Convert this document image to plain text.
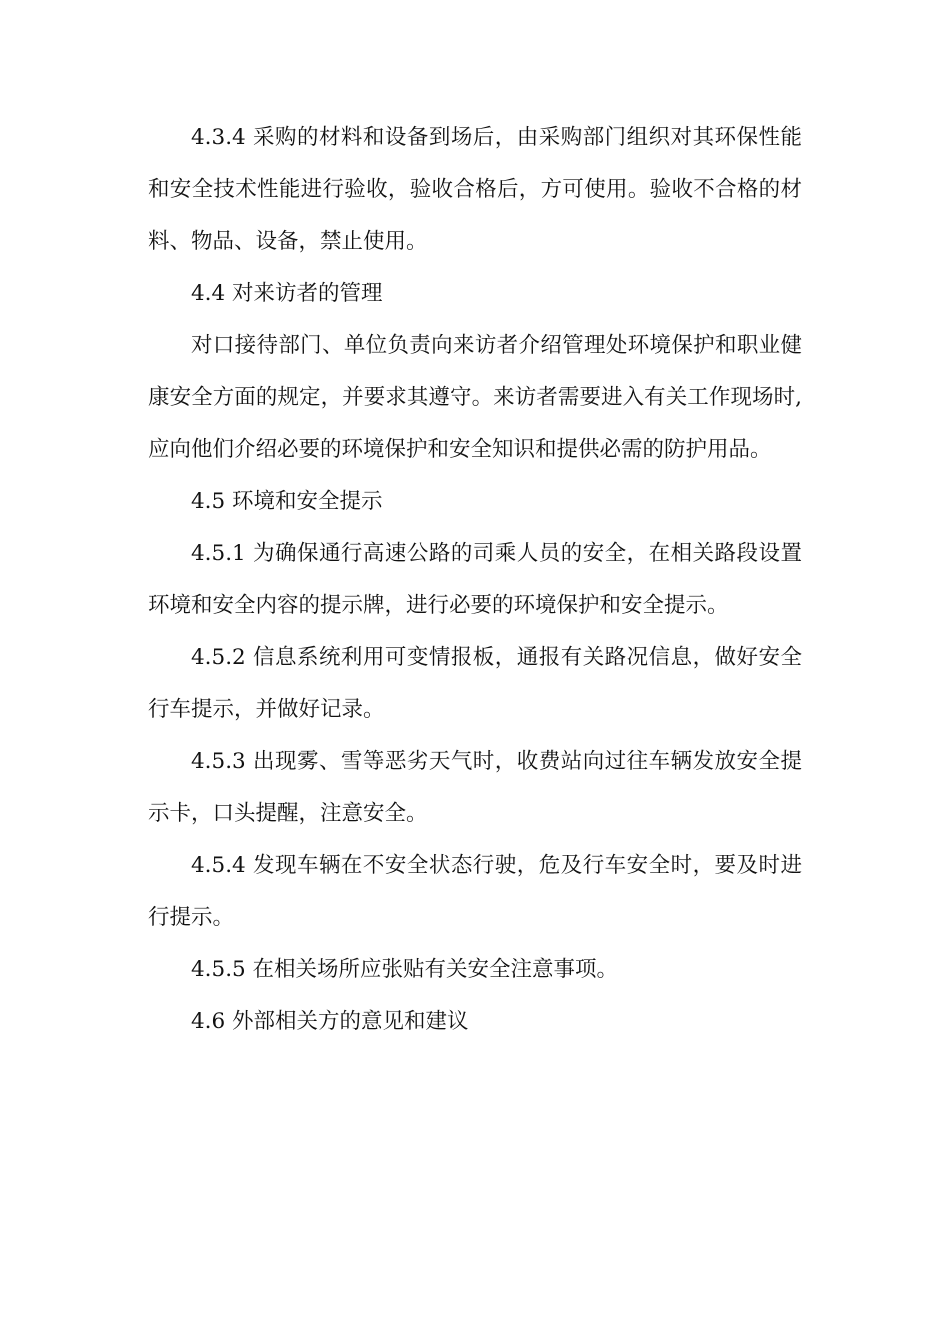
4.3.4 采购的材料和设备到场后，由采购部门组织对其环保性能和安全技术性能进行验收，验收合格后，方可使用。验收不合格的材料、物品、设备，禁止使用。

4.4 对来访者的管理

对口接待部门、单位负责向来访者介绍管理处环境保护和职业健康安全方面的规定，并要求其遵守。来访者需要进入有关工作现场时,应向他们介绍必要的环境保护和安全知识和提供必需的防护用品。

4.5 环境和安全提示

4.5.1 为确保通行高速公路的司乘人员的安全，在相关路段设置环境和安全内容的提示牌，进行必要的环境保护和安全提示。

4.5.2 信息系统利用可变情报板，通报有关路况信息，做好安全行车提示，并做好记录。

4.5.3 出现雾、雪等恶劣天气时，收费站向过往车辆发放安全提示卡，口头提醒，注意安全。

4.5.4 发现车辆在不安全状态行驶，危及行车安全时，要及时进行提示。

4.5.5 在相关场所应张贴有关安全注意事项。

4.6 外部相关方的意见和建议
